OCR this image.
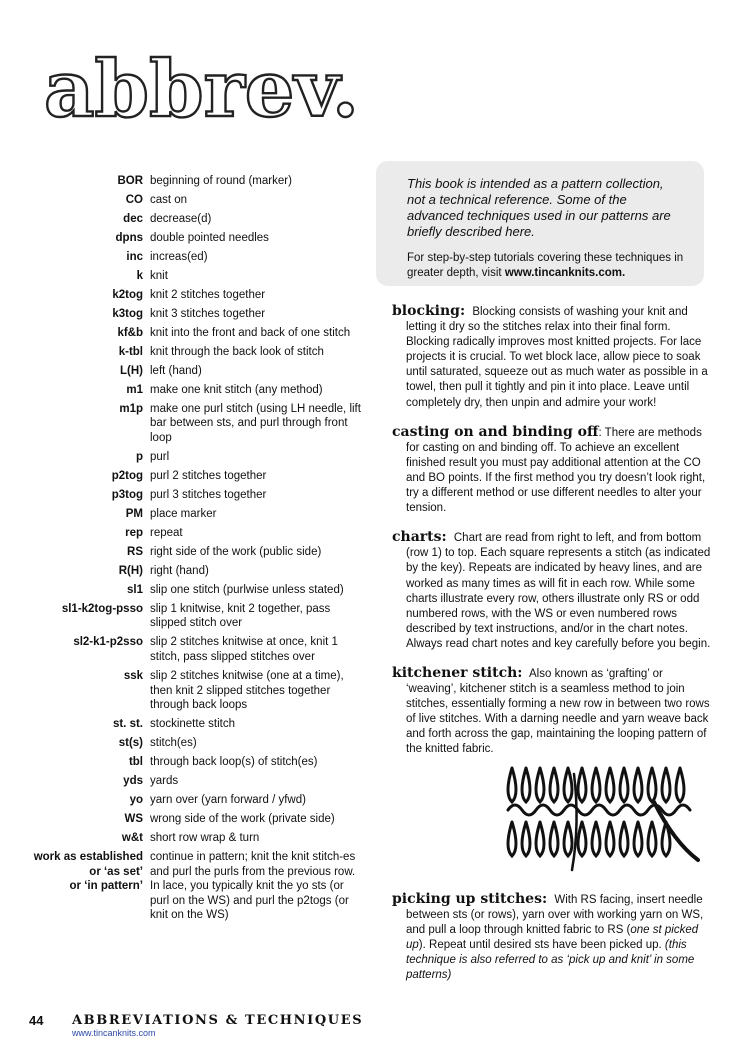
abbrev.
BOR beginning of round (marker)
CO cast on
dec decrease(d)
dpns double pointed needles
inc increas(ed)
k knit
k2tog knit 2 stitches together
k3tog knit 3 stitches together
kf&b knit into the front and back of one stitch
k-tbl knit through the back look of stitch
L(H) left (hand)
m1 make one knit stitch (any method)
m1p make one purl stitch (using LH needle, lift bar between sts, and purl through front loop
p purl
p2tog purl 2 stitches together
p3tog purl 3 stitches together
PM place marker
rep repeat
RS right side of the work (public side)
R(H) right (hand)
sl1 slip one stitch (purlwise unless stated)
sl1-k2tog-psso slip 1 knitwise, knit 2 together, pass slipped stitch over
sl2-k1-p2sso slip 2 stitches knitwise at once, knit 1 stitch, pass slipped stitches over
ssk slip 2 stitches knitwise (one at a time), then knit 2 slipped stitches together through back loops
st. st. stockinette stitch
st(s) stitch(es)
tbl through back loop(s) of stitch(es)
yds yards
yo yarn over (yarn forward / yfwd)
WS wrong side of the work (private side)
w&t short row wrap & turn
work as established
or ‘as set’
or ‘in pattern’
continue in pattern; knit the knit stitch-es and purl the purls from the previous row. In lace, you typically knit the yo sts (or purl on the WS) and purl the p2togs (or knit on the WS)

This book is intended as a pattern collection, not a technical reference. Some of the advanced techniques used in our patterns are briefly described here.

For step-by-step tutorials covering these techniques in greater depth, visit www.tincanknits.com.

blocking: Blocking consists of washing your knit and letting it dry so the stitches relax into their final form. Blocking radically improves most knitted projects. For lace projects it is crucial. To wet block lace, allow piece to soak until saturated, squeeze out as much water as possible in a towel, then pull it tightly and pin it into place. Leave until completely dry, then unpin and admire your work!
casting on and binding off: There are methods for casting on and binding off. To achieve an excellent finished result you must pay additional attention at the CO and BO points. If the first method you try doesn’t look right, try a different method or use different needles to alter your tension.
charts: Chart are read from right to left, and from bottom (row 1) to top. Each square represents a stitch (as indicated by the key). Repeats are indicated by heavy lines, and are worked as many times as will fit in each row. While some charts illustrate every row, others illustrate only RS or odd numbered rows, with the WS or even numbered rows described by text instructions, and/or in the chart notes. Always read chart notes and key carefully before you begin.
kitchener stitch: Also known as ‘grafting’ or ‘weaving’, kitchener stitch is a seamless method to join stitches, essentially forming a new row in between two rows of live stitches. With a darning needle and yarn weave back and forth across the gap, maintaining the looping pattern of the knitted fabric.
picking up stitches: With RS facing, insert needle between sts (or rows), yarn over with working yarn on WS, and pull a loop through knitted fabric to RS (one st picked up). Repeat until desired sts have been picked up. (this technique is also referred to as ‘pick up and knit’ in some patterns)
44 ABBREVIATIONS & TECHNIQUES
www.tincanknits.com
